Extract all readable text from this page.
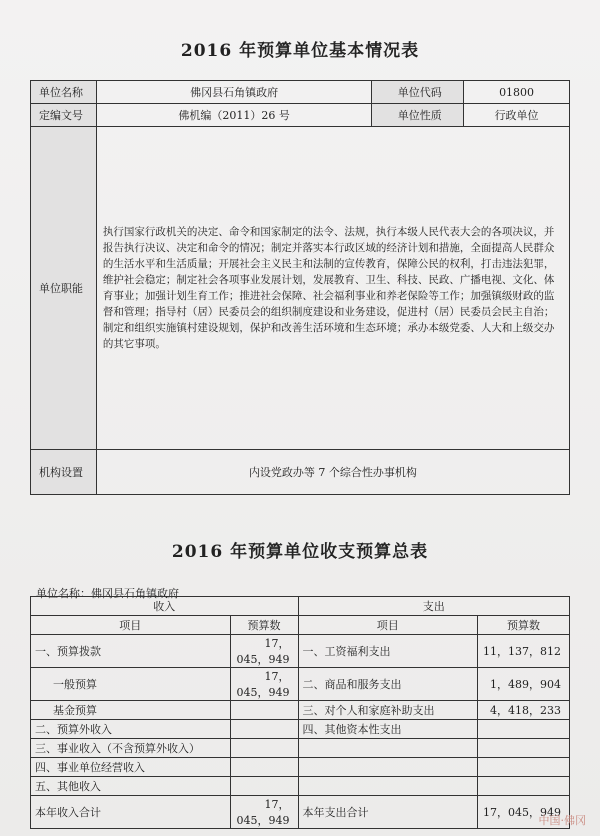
2016 年预算单位基本情况表
单位名称	佛冈县石角镇政府	单位代码	01800
定编文号	佛机编（2011）26 号	单位性质	行政单位
单位职能	执行国家行政机关的决定、命令和国家制定的法令、法规，执行本级人民代表大会的各项决议，并报告执行决议、决定和命令的情况；制定并落实本行政区域的经济计划和措施，全面提高人民群众的生活水平和生活质量；开展社会主义民主和法制的宣传教育，保障公民的权利，打击违法犯罪，维护社会稳定；制定社会各项事业发展计划，发展教育、卫生、科技、民政、广播电视、文化、体育事业；加强计划生育工作；推进社会保障、社会福利事业和养老保险等工作；加强镇级财政的监督和管理；指导村（居）民委员会的组织制度建设和业务建设，促进村（居）民委员会民主自治；制定和组织实施镇村建设规划，保护和改善生活环境和生态环境；承办本级党委、人大和上级交办的其它事项。		
机构设置	内设党政办等 7 个综合性办事机构		
2016 年预算单位收支预算总表
单位名称：佛冈县石角镇政府
收入		支出	
项目	预算数	项目	预算数
一、预算拨款	17，045，949	一、工资福利支出	11，137，812
一般预算	17，045，949	二、商品和服务支出	1，489，904
基金预算		三、对个人和家庭补助支出	4，418，233
二、预算外收入		四、其他资本性支出	
三、事业收入（不含预算外收入）			
四、事业单位经营收入			
五、其他收入			
本年收入合计	17，045，949	本年支出合计	17，045，949
中国·佛冈
